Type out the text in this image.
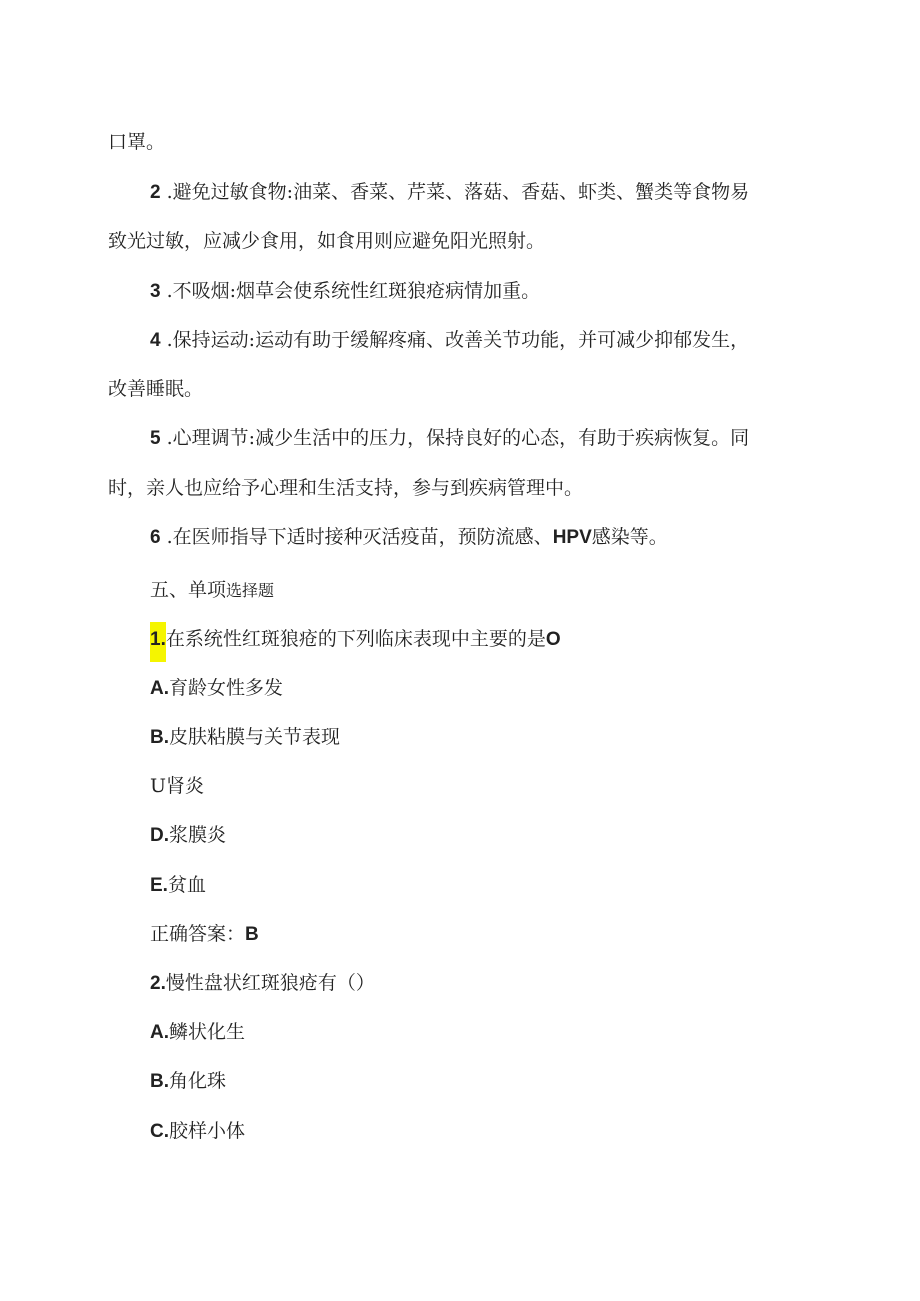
口罩。
2 .避免过敏食物:油菜、香菜、芹菜、落菇、香菇、虾类、蟹类等食物易
致光过敏，应减少食用，如食用则应避免阳光照射。
3 .不吸烟:烟草会使系统性红斑狼疮病情加重。
4 .保持运动:运动有助于缓解疼痛、改善关节功能，并可减少抑郁发生，
改善睡眠。
5 .心理调节:减少生活中的压力，保持良好的心态，有助于疾病恢复。同
时，亲人也应给予心理和生活支持，参与到疾病管理中。
6 .在医师指导下适时接种灭活疫苗，预防流感、HPV感染等。
五、单项选择题
1.在系统性红斑狼疮的下列临床表现中主要的是O
A.育龄女性多发
B.皮肤粘膜与关节表现
U肾炎
D.浆膜炎
E.贫血
正确答案：B
2.慢性盘状红斑狼疮有（）
A.鳞状化生
B.角化珠
C.胶样小体
